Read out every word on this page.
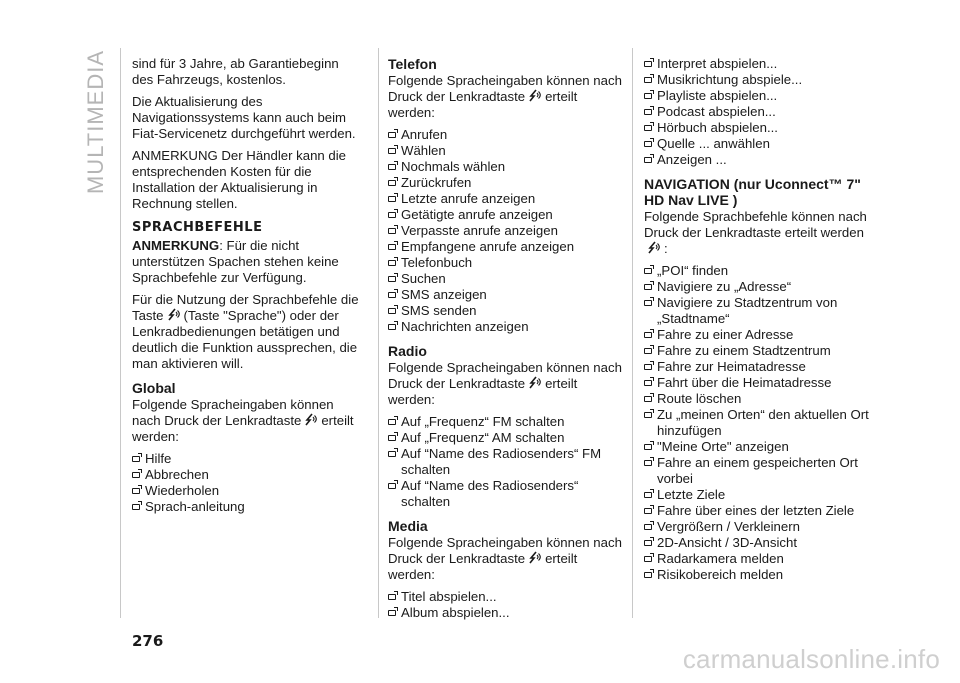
MULTIMEDIA sind für 3 Jahre, ab Garantiebeginn des Fahrzeugs, kostenlos.

Die Aktualisierung des Navigationssystems kann auch beim Fiat-Servicenetz durchgeführt werden.

ANMERKUNG Der Händler kann die entsprechenden Kosten für die Installation der Aktualisierung in Rechnung stellen.

SPRACHBEFEHLE

ANMERKUNG: Für die nicht unterstützen Spachen stehen keine Sprachbefehle zur Verfügung.

Für die Nutzung der Sprachbefehle die Taste (Taste "Sprache") oder der Lenkradbedienungen betätigen und deutlich die Funktion aussprechen, die man aktivieren will.

Global

Folgende Spracheingaben können nach Druck der Lenkradtaste erteilt werden:

Hilfe
Abbrechen
Wiederholen
Sprach-anleitung
Telefon

Folgende Spracheingaben können nach Druck der Lenkradtaste erteilt werden:

Anrufen
Wählen
Nochmals wählen
Zurückrufen
Letzte anrufe anzeigen
Getätigte anrufe anzeigen
Verpasste anrufe anzeigen
Empfangene anrufe anzeigen
Telefonbuch
Suchen
SMS anzeigen
SMS senden
Nachrichten anzeigen
Radio

Folgende Spracheingaben können nach Druck der Lenkradtaste erteilt werden:

Auf „Frequenz“ FM schalten
Auf „Frequenz“ AM schalten
Auf “Name des Radiosenders“ FM schalten
Auf “Name des Radiosenders“ schalten
Media

Folgende Spracheingaben können nach Druck der Lenkradtaste erteilt werden:

Titel abspielen...
Album abspielen...
Interpret abspielen...
Musikrichtung abspiele...
Playliste abspielen...
Podcast abspielen...
Hörbuch abspielen...
Quelle ... anwählen
Anzeigen ...
NAVIGATION (nur Uconnect™ 7" HD Nav LIVE )

Folgende Sprachbefehle können nach Druck der Lenkradtaste erteilt werden:

„POI“ finden
Navigiere zu „Adresse“
Navigiere zu Stadtzentrum von „Stadtname“
Fahre zu einer Adresse
Fahre zu einem Stadtzentrum
Fahre zur Heimatadresse
Fahrt über die Heimatadresse
Route löschen
Zu „meinen Orten“ den aktuellen Ort hinzufügen
"Meine Orte" anzeigen
Fahre an einem gespeicherten Ort vorbei
Letzte Ziele
Fahre über eines der letzten Ziele
Vergrößern / Verkleinern
2D-Ansicht / 3D-Ansicht
Radarkamera melden
Risikobereich melden
276
carmanualsonline.info
